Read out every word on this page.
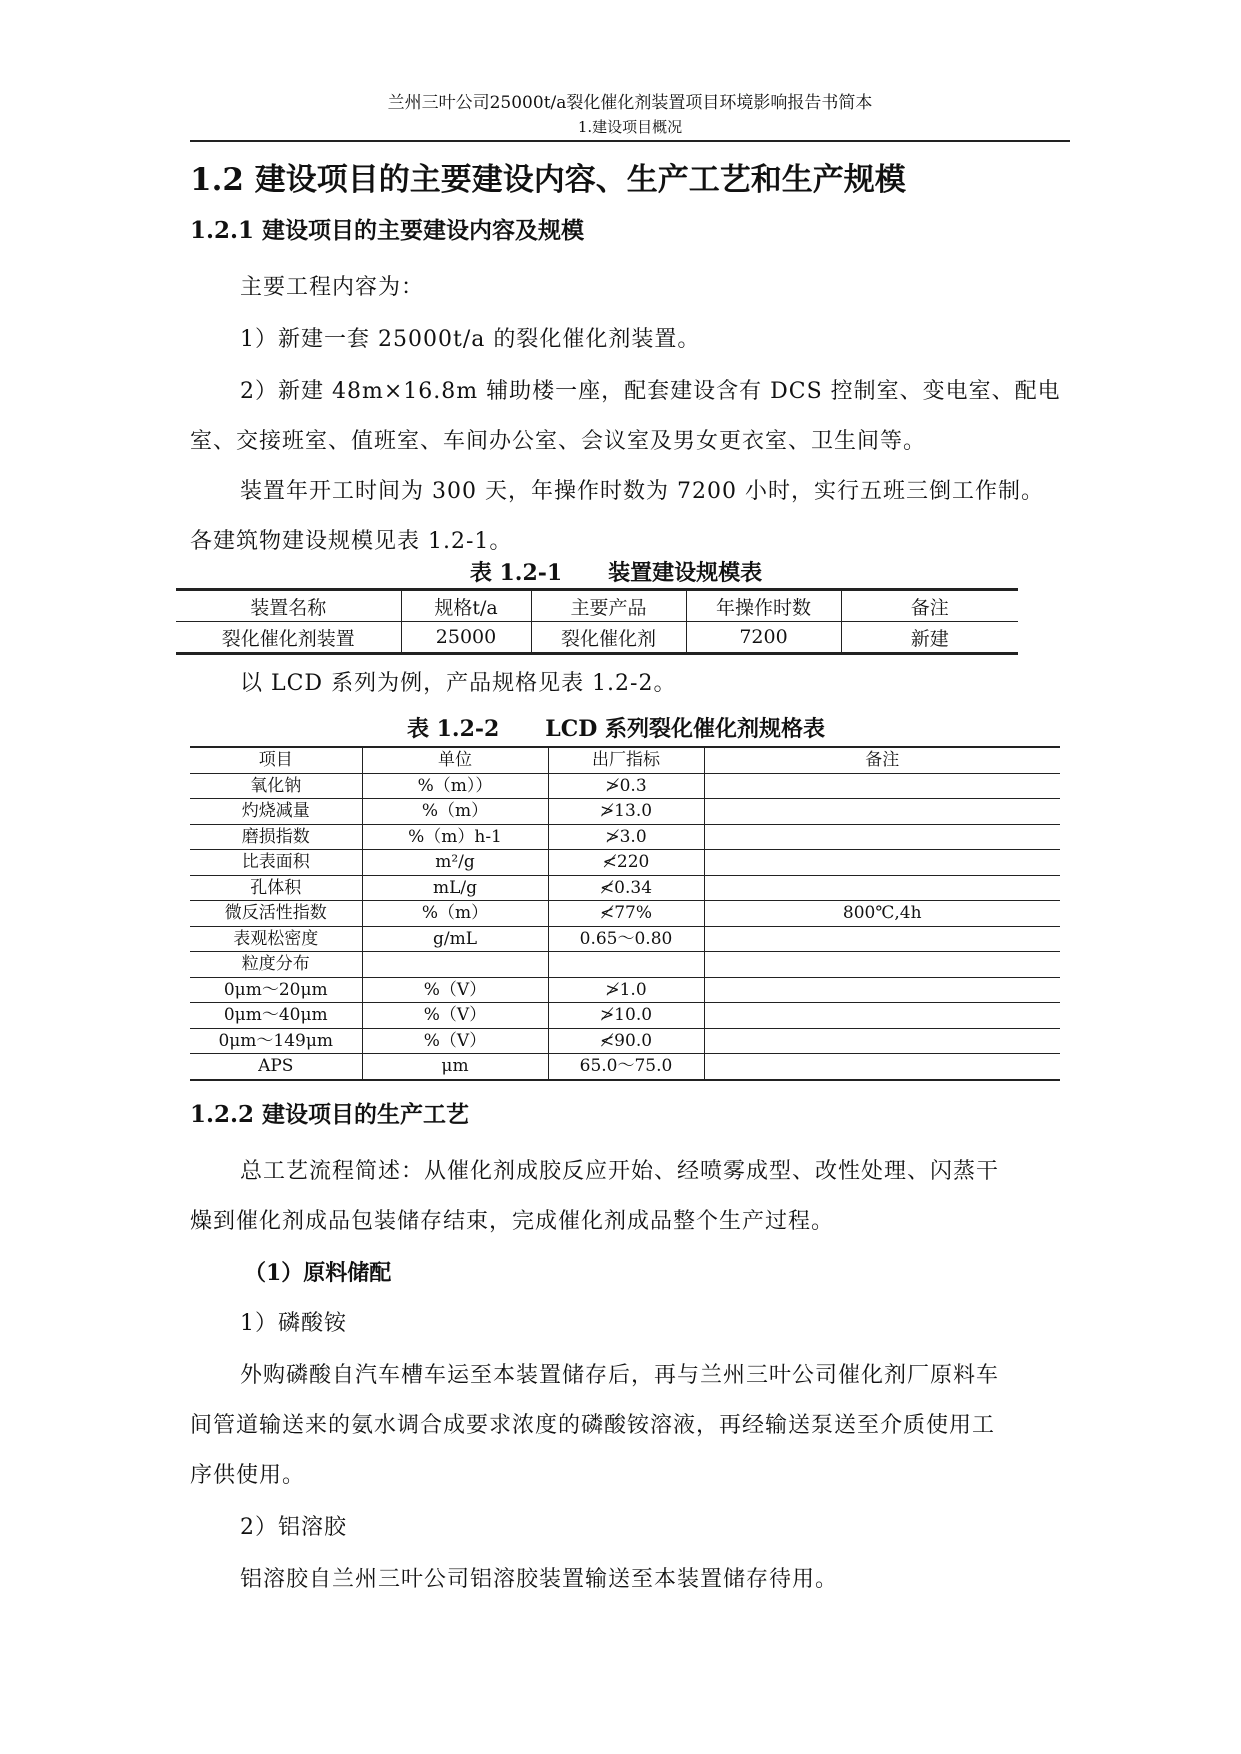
兰州三叶公司25000t/a裂化催化剂装置项目环境影响报告书简本
1.建设项目概况
1.2 建设项目的主要建设内容、生产工艺和生产规模
1.2.1 建设项目的主要建设内容及规模
主要工程内容为：
1）新建一套 25000t/a 的裂化催化剂装置。
2）新建 48m×16.8m 辅助楼一座，配套建设含有 DCS 控制室、变电室、配电
室、交接班室、值班室、车间办公室、会议室及男女更衣室、卫生间等。
装置年开工时间为 300 天，年操作时数为 7200 小时，实行五班三倒工作制。
各建筑物建设规模见表 1.2-1。
表 1.2-1      装置建设规模表
装置名称	规格t/a	主要产品	年操作时数	备注
裂化催化剂装置	25000	裂化催化剂	7200	新建
以 LCD 系列为例，产品规格见表 1.2-2。
表 1.2-2      LCD 系列裂化催化剂规格表
项目	单位	出厂指标	备注
氧化钠	%（m））	≯0.3	
灼烧减量	%（m）	≯13.0	
磨损指数	%（m）h-1	≯3.0	
比表面积	m²/g	≮220	
孔体积	mL/g	≮0.34	
微反活性指数	%（m）	≮77%	800℃,4h
表观松密度	g/mL	0.65～0.80	
粒度分布			
0μm～20μm	%（V）	≯1.0	
0μm～40μm	%（V）	≯10.0	
0μm～149μm	%（V）	≮90.0	
APS	μm	65.0～75.0	
1.2.2 建设项目的生产工艺
总工艺流程简述：从催化剂成胶反应开始、经喷雾成型、改性处理、闪蒸干
燥到催化剂成品包装储存结束，完成催化剂成品整个生产过程。
（1）原料储配
1）磷酸铵
外购磷酸自汽车槽车运至本装置储存后，再与兰州三叶公司催化剂厂原料车
间管道输送来的氨水调合成要求浓度的磷酸铵溶液，再经输送泵送至介质使用工
序供使用。
2）铝溶胶
铝溶胶自兰州三叶公司铝溶胶装置输送至本装置储存待用。
